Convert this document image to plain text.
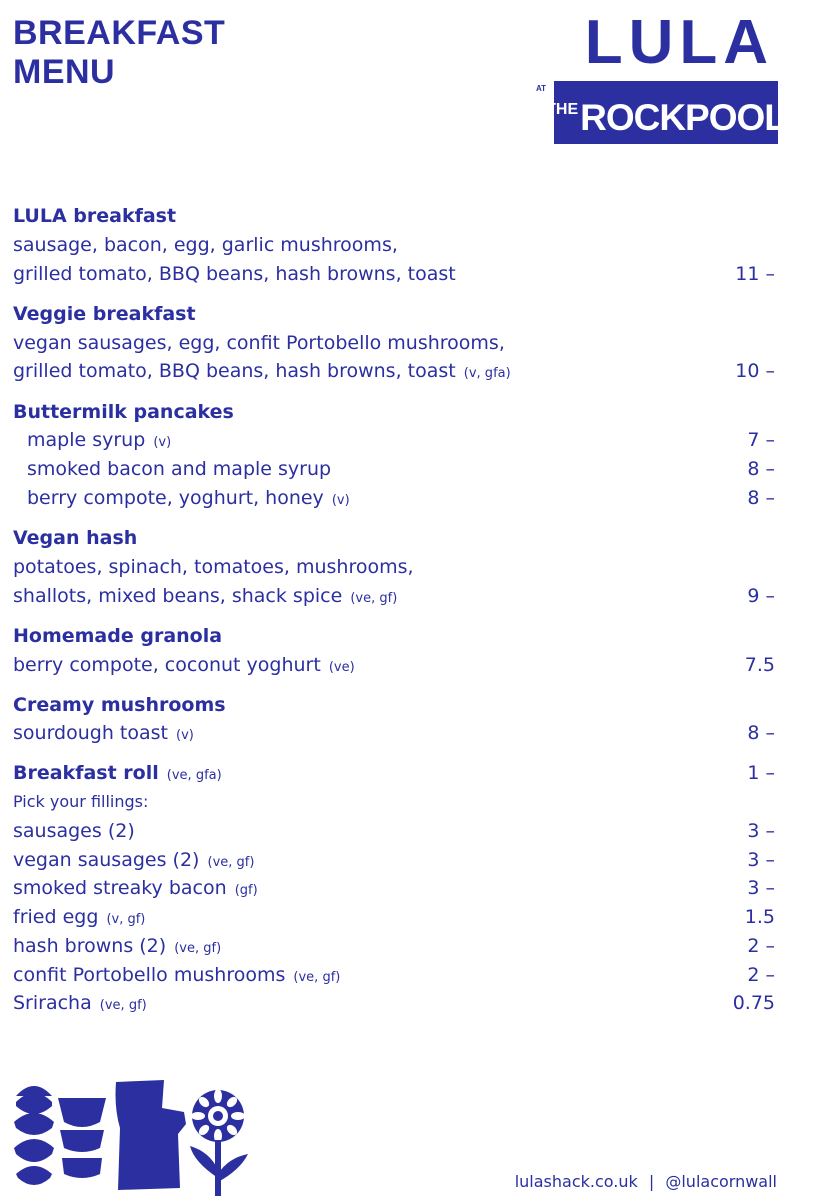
BREAKFAST
MENU	LULA
AT
THE ROCKPOOL
LULA breakfast
sausage, bacon, egg, garlic mushrooms,
grilled tomato, BBQ beans, hash browns, toast	11 –
Veggie breakfast
vegan sausages, egg, confit Portobello mushrooms,
grilled tomato, BBQ beans, hash browns, toast (v, gfa)	10 –
Buttermilk pancakes
maple syrup (v)	7 –
smoked bacon and maple syrup	8 –
berry compote, yoghurt, honey (v)	8 –
Vegan hash
potatoes, spinach, tomatoes, mushrooms,
shallots, mixed beans, shack spice (ve, gf)	9 –
Homemade granola
berry compote, coconut yoghurt (ve)	7.5
Creamy mushrooms
sourdough toast (v)	8 –
Breakfast roll (ve, gfa)	1 –
Pick your fillings:
sausages (2)	3 –
vegan sausages (2) (ve, gf)	3 –
smoked streaky bacon (gf)	3 –
fried egg (v, gf)	1.5
hash browns (2) (ve, gf)	2 –
confit Portobello mushrooms (ve, gf)	2 –
Sriracha (ve, gf)	0.75
lulashack.co.uk | @lulacornwall
